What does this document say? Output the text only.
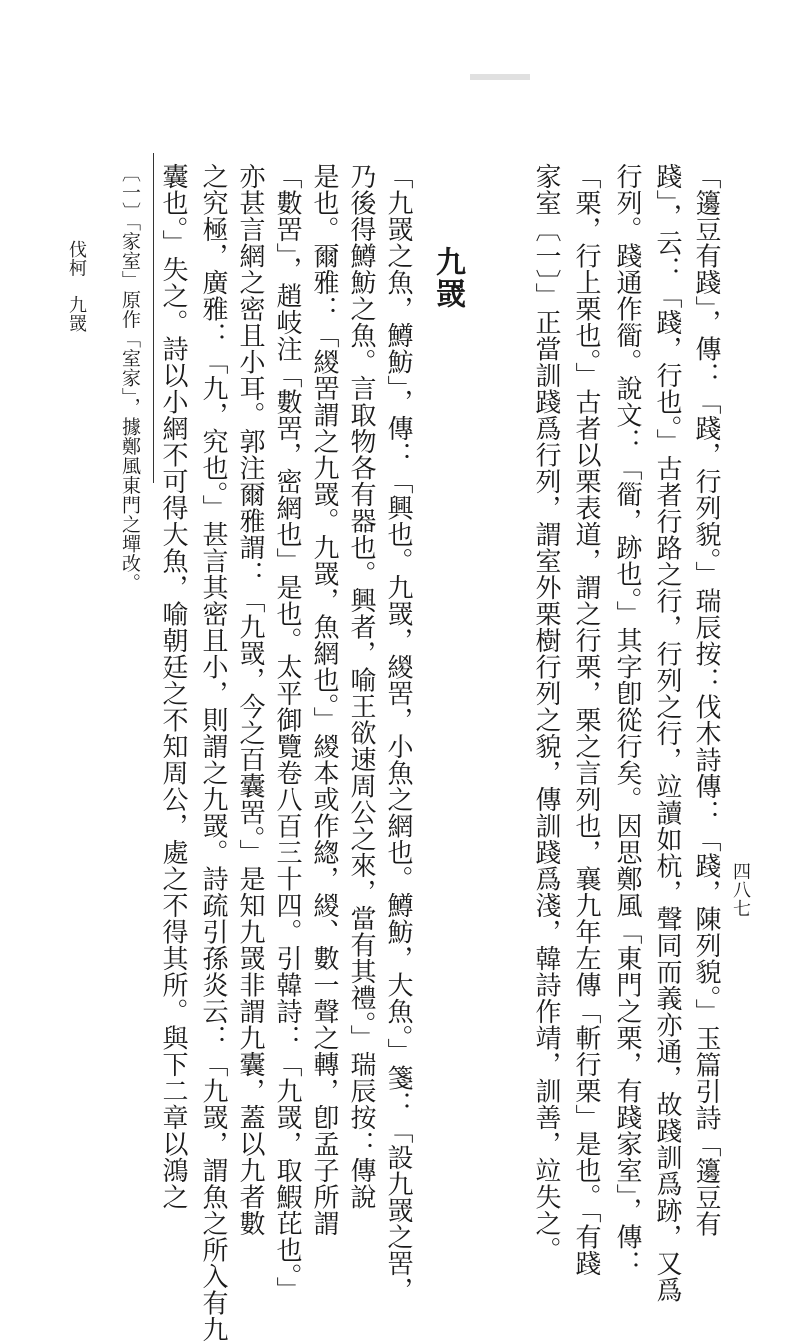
「籩豆有踐」，傳：「踐，行列貌。」瑞辰按：伐木詩傳：「踐，陳列貌。」玉篇引詩「籩豆有
踐」，云：「踐，行也。」古者行路之行，行列之行，竝讀如杭，聲同而義亦通，故踐訓爲跡，又爲
行列。踐通作衟。說文：「衟，跡也。」其字卽從行矣。因思鄭風「東門之栗，有踐家室」，傳：
「栗，行上栗也。」古者以栗表道，謂之行栗，栗之言列也，襄九年左傳「斬行栗」是也。「有踐
家室〔一〕」正當訓踐爲行列，謂室外栗樹行列之貌，傳訓踐爲淺，韓詩作靖，訓善，竝失之。
九罭
「九罭之魚，鱒魴」，傳：「興也。九罭，緵罟，小魚之網也。鱒魴，大魚。」箋：「設九罭之罟，
乃後得鱒魴之魚。言取物各有器也。興者，喻王欲速周公之來，當有其禮。」瑞辰按：傳說
是也。爾雅：「緵罟謂之九罭。九罭，魚網也。」緵本或作緫，緵、數一聲之轉，卽孟子所謂
「數罟」，趙岐注「數罟，密網也」是也。太平御覽卷八百三十四。引韓詩：「九罭，取鰕芘也。」
亦甚言網之密且小耳。郭注爾雅謂：「九罭，今之百囊罟。」是知九罭非謂九囊，蓋以九者數
之究極，廣雅：「九，究也。」甚言其密且小，則謂之九罭。詩疏引孫炎云：「九罭，謂魚之所入有九
〔一〕「家室」原作「室家」，據鄭風東門之墠改。
伐柯　九罭
四八七
囊也。」失之。詩以小網不可得大魚，喻朝廷之不知周公，處之不得其所。與下二章以鴻之
